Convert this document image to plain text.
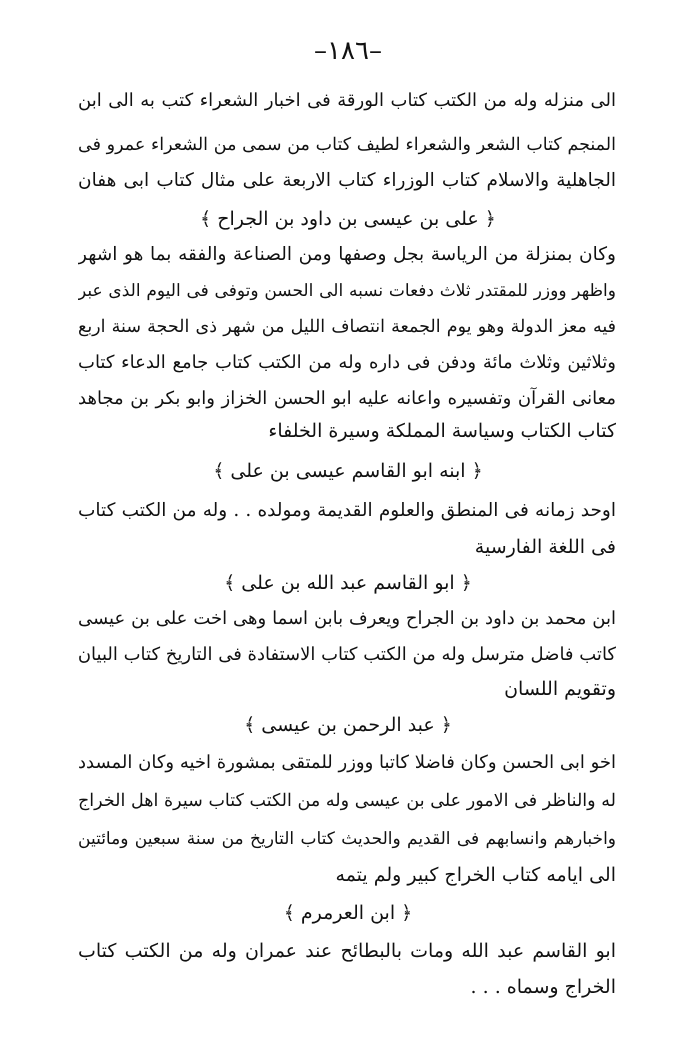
–١٨٦–
الى منزله وله من الكتب كتاب الورقة فى اخبار الشعراء كتب به الى ابن
المنجم كتاب الشعر والشعراء لطيف كتاب من سمى من الشعراء عمرو فى
الجاهلية والاسلام كتاب الوزراء كتاب الاربعة على مثال كتاب ابى هفان
﴿ على بن عيسى بن داود بن الجراح ﴾
وكان بمنزلة من الرياسة بجل وصفها ومن الصناعة والفقه بما هو اشهر
واظهر ووزر للمقتدر ثلاث دفعات نسبه الى الحسن وتوفى فى اليوم الذى عبر
فيه معز الدولة وهو يوم الجمعة انتصاف الليل من شهر ذى الحجة سنة اربع
وثلاثين وثلاث مائة ودفن فى داره وله من الكتب كتاب جامع الدعاء كتاب
معانى القرآن وتفسيره واعانه عليه ابو الحسن الخزاز وابو بكر بن مجاهد
كتاب الكتاب وسياسة المملكة وسيرة الخلفاء
﴿ ابنه ابو القاسم عيسى بن على ﴾
اوحد زمانه فى المنطق والعلوم القديمة ومولده . . وله من الكتب كتاب
فى اللغة الفارسية
﴿ ابو القاسم عبد الله بن على ﴾
ابن محمد بن داود بن الجراح ويعرف بابن اسما وهى اخت على بن عيسى
كاتب فاضل مترسل وله من الكتب كتاب الاستفادة فى التاريخ كتاب البيان
وتقويم اللسان
﴿ عبد الرحمن بن عيسى ﴾
اخو ابى الحسن وكان فاضلا كاتبا ووزر للمتقى بمشورة اخيه وكان المسدد
له والناظر فى الامور على بن عيسى وله من الكتب كتاب سيرة اهل الخراج
واخبارهم وانسابهم فى القديم والحديث كتاب التاريخ من سنة سبعين ومائتين
الى ايامه كتاب الخراج كبير ولم يتمه
﴿ ابن العرمرم ﴾
ابو القاسم عبد الله ومات بالبطائح عند عمران وله من الكتب كتاب
الخراج وسماه . . .
